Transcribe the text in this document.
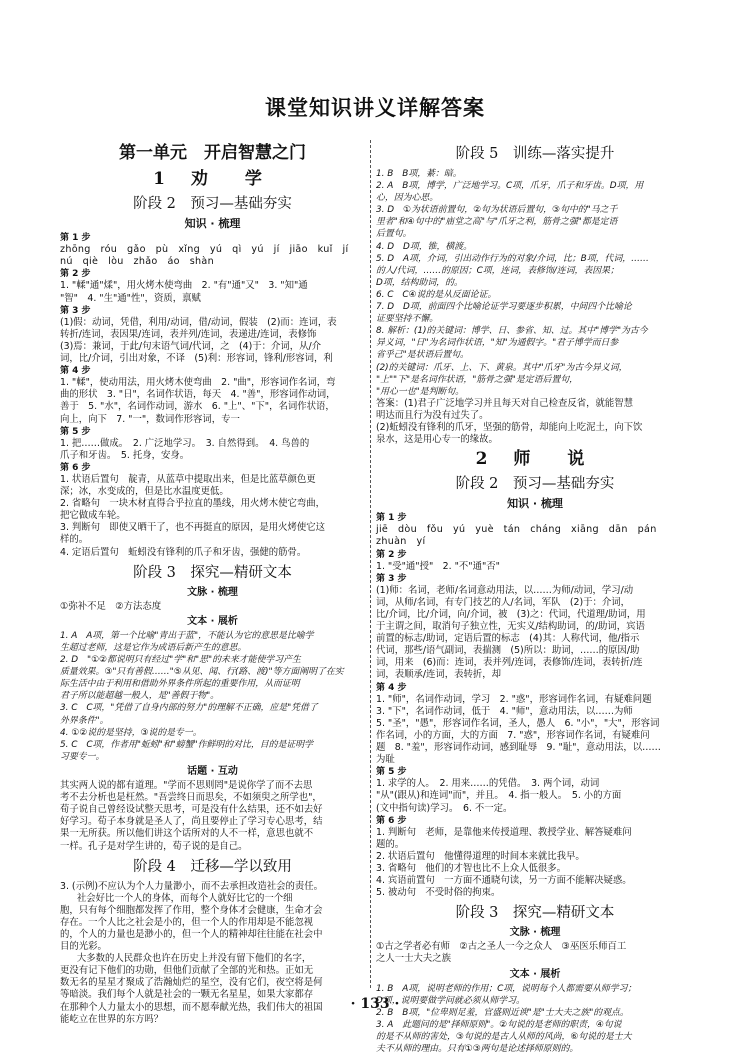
课堂知识讲义详解答案
第一单元　开启智慧之门
1 劝　学
阶段 2　预习—基础夯实
知识 · 梳理
第 1 步
zhōng　róu　gǎo　pù　xǐng　yú　qì　yú　jí　jiāo　kuǐ　jí
nú　qiè　lòu　zhǎo　áo　shàn
第 2 步
1. "輮"通"煣"，用火烤木使弯曲　2. "有"通"又"　3. "知"通
"智"　4. "生"通"性"，资质，禀赋
第 3 步
(1)假：动词，凭借，利用/动词，借/动词，假装　(2)而：连词，表
转折/连词，表因果/连词，表并列/连词，表递进/连词，表修饰
(3)焉：兼词，于此/句末语气词/代词，之　(4)于：介词，从/介
词，比/介词，引出对象，不译　(5)利：形容词，锋利/形容词，利
第 4 步
1. "輮"，使动用法，用火烤木使弯曲　2. "曲"，形容词作名词，弯
曲的形状　3. "日"，名词作状语，每天　4. "善"，形容词作动词，
善于　5. "水"，名词作动词，游水　6. "上"、"下"，名词作状语，
向上，向下　7. "一"，数词作形容词，专一
第 5 步
1. 把……做成。　2. 广泛地学习。　3. 自然得到。　4. 鸟兽的
爪子和牙齿。　5. 托身，安身。
第 6 步
1. 状语后置句　靛青，从蓝草中提取出来，但是比蓝草颜色更
深；冰，水变成的，但是比水温度更低。
2. 省略句　一块木材直得合乎拉直的墨线，用火烤木使它弯曲，
把它做成车轮。
3. 判断句　即使又晒干了，也不再挺直的原因，是用火烤使它这
样的。
4. 定语后置句　蚯蚓没有锋利的爪子和牙齿，强健的筋骨。
阶段 3　探究—精研文本
文脉 · 梳理
①弥补不足　②方法态度
文本 · 展析
1. A　A项，第一个比喻"青出于蓝"，不能认为它的意思是比喻学
生超过老师，这是它作为成语后新产生的意思。
2. D　"①②都说明只有经过"学"和"思"的未来才能使学习产生
质量效果。③"只有善假……"⑤从见、闻、行(路、渡)"等方面阐明了在实
际生活中由于利用和借助外界条件所起的重要作用，从而证明
君子所以能超越一般人，是"善假于物"。
3. C　C项，"凭借了自身内部的努力"的理解不正确，应是"凭借了
外界条件"。
4. ①②说的是坚持，③说的是专一。
5. C　C项，作者用"蚯蚓"和"螃蟹"作鲜明的对比，目的是证明学
习要专一。
话题 · 互动
其实两人说的都有道理。"学而不思则罔"是说你学了而不去思
考不去分析也是枉然。"吾尝终日而思矣，不如须臾之所学也"，
荀子说自己曾经设试整天思考，可是没有什么结果，还不如去好
好学习。荀子本身就是圣人了，尚且要停止了学习专心思考，结
果一无所获。所以他们讲这个话所对的人不一样，意思也就不
一样。孔子是对学生讲的，荀子说的是自己。
阶段 4　迁移—学以致用
3. (示例)不应认为个人力量渺小，而不去承担改造社会的责任。
社会好比一个人的身体，而每个人就好比它的一个细
胞，只有每个细胞都发挥了作用，整个身体才会健康，生命才会
存在。一个人比之社会是小的，但一个人的作用却是不能忽视
的，个人的力量也是渺小的，但一个人的精神却往往能在社会中
目的光彩。
大多数的人民群众也许在历史上并没有留下他们的名字，
更没有记下他们的功勋，但他们贡献了全部的光和热。正如无
数无名的星星才聚成了浩瀚灿烂的星空，没有它们，夜空将是何
等暗淡。我们每个人就是社会的一颗无名星星，如果大家都存
在那种个人力量太小的思想，而不愿奉献光热，我们伟大的祖国
能屹立在世界的东方吗？
阶段 5　训练—落实提升
1. B　B项，綦：暗。
2. A　B项，博学，广泛地学习。C项，爪牙，爪子和牙齿。D项，用
心，因为心思。
3. D　①为状语前置句，②句为状语后置句，③句中的"马之千
里者"和④句中的"庙堂之高"与"爪牙之利，筋骨之强"都是定语
后置句。
4. D　D项，锥，横渡。
5. D　A项，介词，引出动作行为的对象/介词，比；B项，代词，……
的人/代词，……的原因；C项，连词，表修饰/连词，表因果；
D项，结构助词，的。
6. C　C④说的是从反面论证。
7. D　D项，前面四个比喻论证学习要逐步积累，中间四个比喻论
证要坚持不懈。
8. 解析：(1)的关键词：博学、日、参省、知、过。其中"博学"为古今
异义词，"日"为名词作状语，"知"为通假字。"君子博学而日参
省乎己"是状语后置句。
(2)的关键词：爪牙、上、下、黄泉。其中"爪牙"为古今异义词，
"上""下"是名词作状语，"筋骨之强"是定语后置句，
"用心一也"是判断句。
答案：(1)君子广泛地学习并且每天对自己检查反省，就能智慧
明达而且行为没有过失了。
(2)蚯蚓没有锋利的爪牙，坚强的筋骨，却能向上吃泥土，向下饮
泉水，这是用心专一的缘故。
2 师　说
阶段 2　预习—基础夯实
知识 · 梳理
第 1 步
jiē　dòu　fǒu　yú　yuè　tán　cháng　xiāng　dān　pán
zhuàn　yí
第 2 步
1. "受"通"授"　2. "不"通"否"
第 3 步
(1)师：名词，老师/名词意动用法，以……为师/动词，学习/动
词，从师/名词，有专门技艺的人/名词，军队　(2)于：介词，
比/介词，比/介词，向/介词，被　(3)之：代词，代道理/助词，用
于主谓之间，取消句子独立性，无实义/结构助词，的/助词，宾语
前置的标志/助词，定语后置的标志　(4)其：人称代词，他/指示
代词，那些/语气副词，表揣测　(5)所以：助词，……的原因/助
词，用来　(6)而：连词，表并列/连词，表修饰/连词，表转折/连
词，表顺承/连词，表转折，却
第 4 步
1. "师"，名词作动词，学习　2. "惑"，形容词作名词，有疑难问题
3. "下"，名词作动词，低于　4. "师"，意动用法，以……为师
5. "圣"，"愚"，形容词作名词，圣人，愚人　6. "小"，"大"，形容词
作名词，小的方面，大的方面　7. "惑"，形容词作名词，有疑难问
题　8. "羞"，形容词作动词，感到耻辱　9. "耻"，意动用法，以……
为耻
第 5 步
1. 求学的人。　2. 用来……的凭借。　3. 两个词，动词
"从"(跟从)和连词"而"，并且。　4. 指一般人。　5. 小的方面
(文中指句读)学习。　6. 不一定。
第 6 步
1. 判断句　老师，是靠他来传授道理、教授学业、解答疑难问
题的。
2. 状语后置句　他懂得道理的时间本来就比我早。
3. 省略句　他们的才智也比不上众人低很多。
4. 宾语前置句　一方面不通晓句读，另一方面不能解决疑惑。
5. 被动句　不受时俗的拘束。
阶段 3　探究—精研文本
文脉 · 梳理
①古之学者必有师　②古之圣人一今之众人　③巫医乐师百工
之人一士大夫之族
文本 · 展析
1. B　A项，说明老师的作用；C项，说明每个人都需要从师学习；
D项，说明要做学问就必须从师学习。
2. B　B项，"位卑则足羞，官盛则近谀"是"士大夫之族"的观点。
3. A　此题问的是"择师原则"。②句说的是老师的职责，④句说
的是不从师的害处，③句说的是古人从师的风尚，⑥句说的是士大
夫不从师的理由。只有①③两句是论述择师原则的。
· 133 ·
